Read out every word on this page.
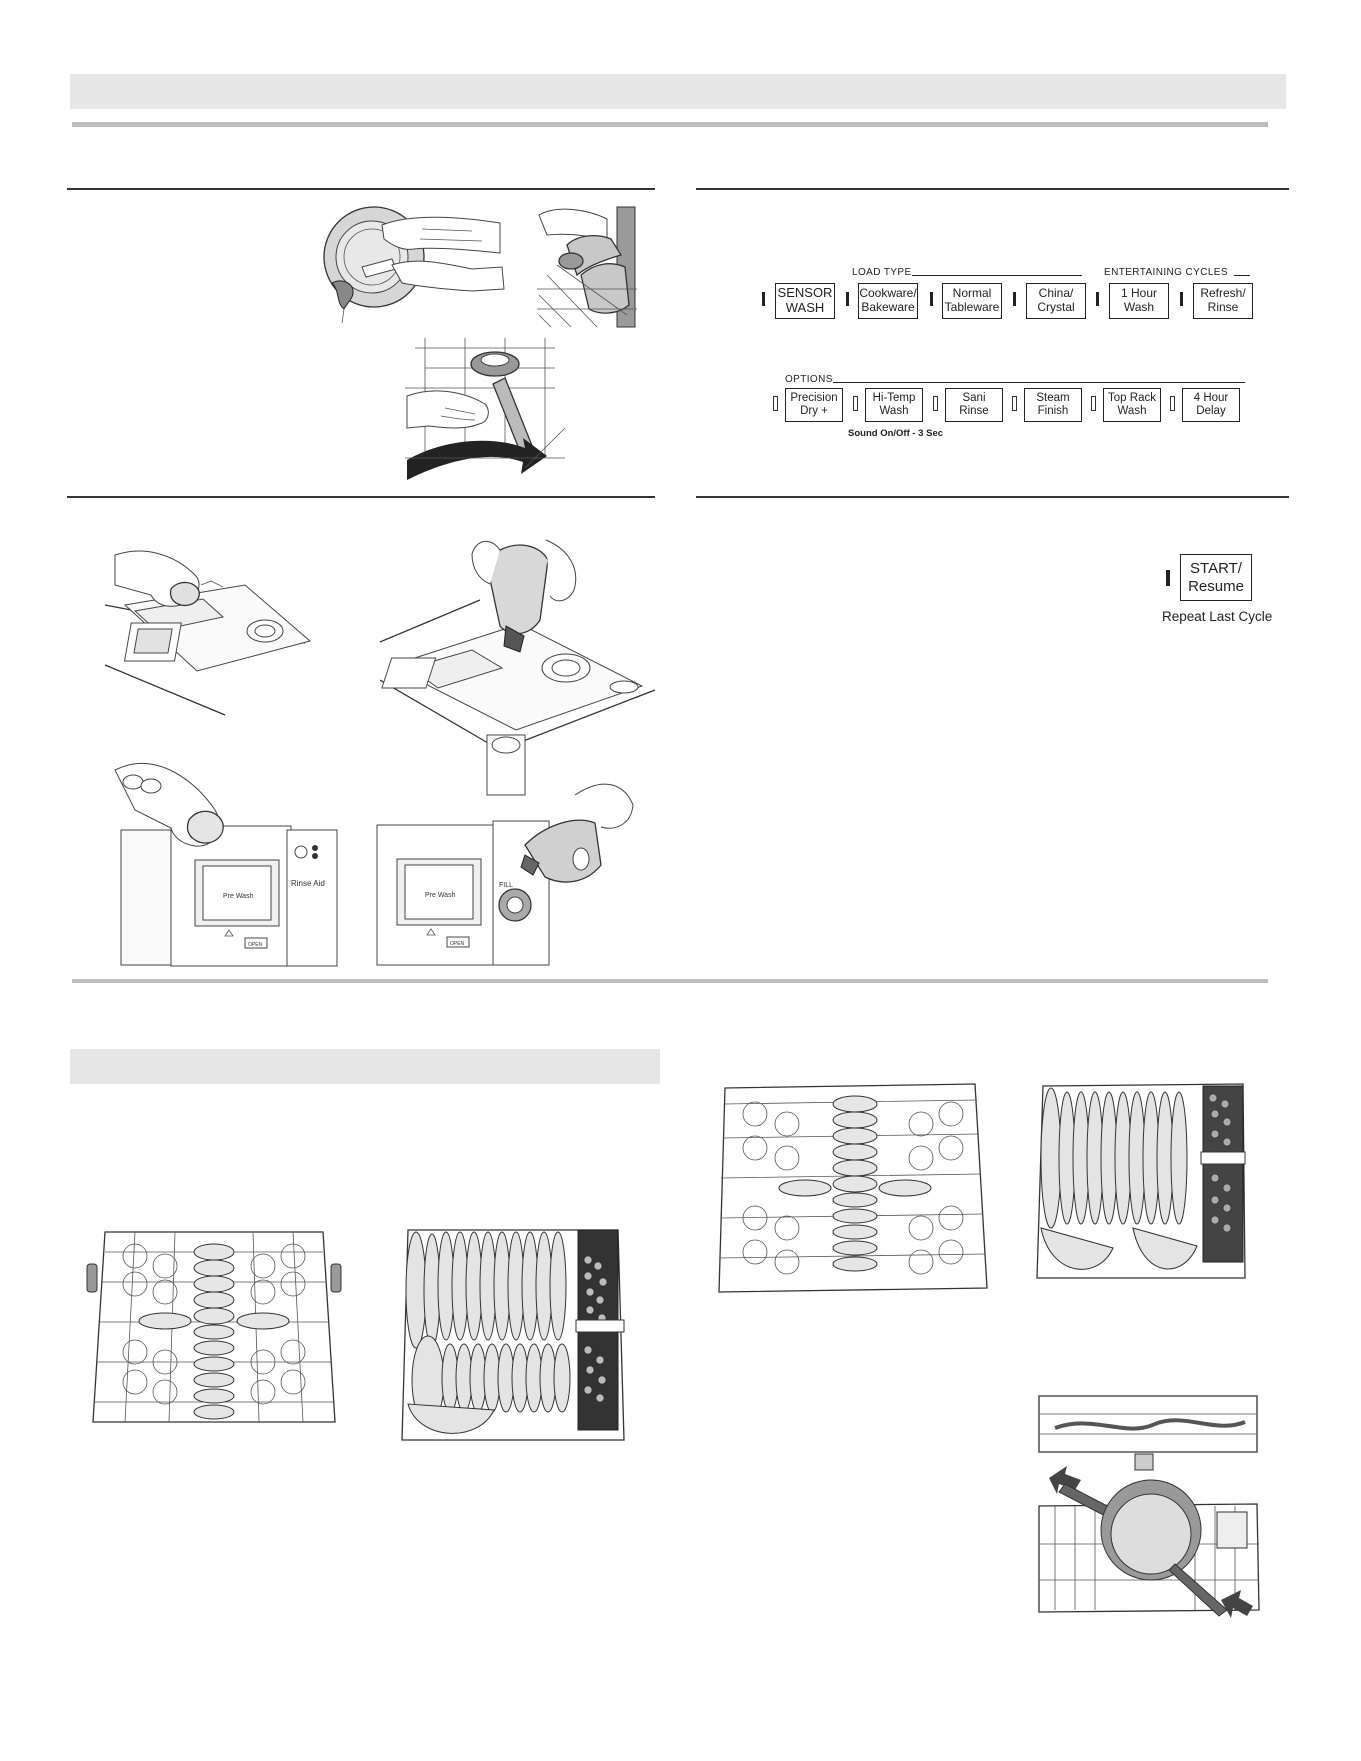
Pre Wash
OPEN
Rinse Aid
Pre Wash
OPEN
FILL
LOAD TYPE	ENTERTAINING CYCLES
SENSOR
WASH
Cookware/
Bakeware
Normal
Tableware
China/
Crystal
1 Hour
Wash
Refresh/
Rinse
OPTIONS
Precision
Dry +
Hi-Temp
Wash
Sani
Rinse
Steam
Finish
Top Rack
Wash
4 Hour
Delay
Sound On/Off - 3 Sec
START/
Resume
Repeat Last Cycle
